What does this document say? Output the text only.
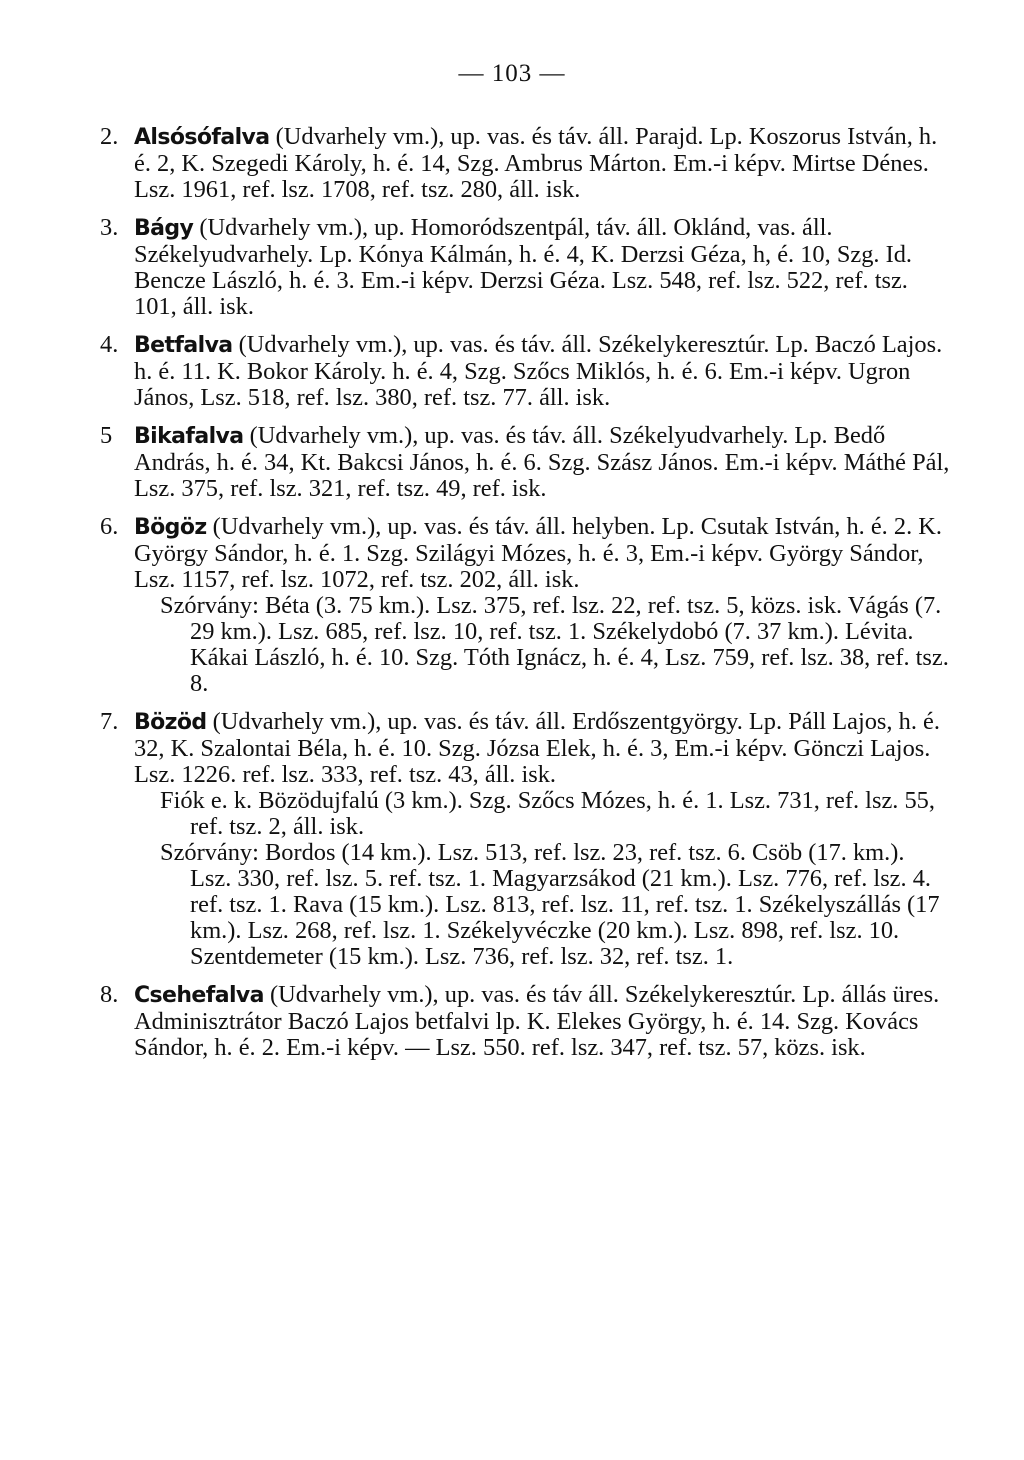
— 103 —
2. Alsósófalva (Udvarhely vm.), up. vas. és táv. áll. Parajd. Lp. Koszorus István, h. é. 2, K. Szegedi Károly, h. é. 14, Szg. Ambrus Márton. Em.-i képv. Mirtse Dénes. Lsz. 1961, ref. lsz. 1708, ref. tsz. 280, áll. isk.
3. Bágy (Udvarhely vm.), up. Homoródszentpál, táv. áll. Oklánd, vas. áll. Székelyudvarhely. Lp. Kónya Kálmán, h. é. 4, K. Derzsi Géza, h, é. 10, Szg. Id. Bencze László, h. é. 3. Em.-i képv. Derzsi Géza. Lsz. 548, ref. lsz. 522, ref. tsz. 101, áll. isk.
4. Betfalva (Udvarhely vm.), up. vas. és táv. áll. Székelykeresztúr. Lp. Baczó Lajos. h. é. 11. K. Bokor Károly. h. é. 4, Szg. Szőcs Miklós, h. é. 6. Em.-i képv. Ugron János, Lsz. 518, ref. lsz. 380, ref. tsz. 77. áll. isk.
5 Bikafalva (Udvarhely vm.), up. vas. és táv. áll. Székelyudvarhely. Lp. Bedő András, h. é. 34, Kt. Bakcsi János, h. é. 6. Szg. Szász János. Em.-i képv. Máthé Pál, Lsz. 375, ref. lsz. 321, ref. tsz. 49, ref. isk.
6. Bögöz (Udvarhely vm.), up. vas. és táv. áll. helyben. Lp. Csutak István, h. é. 2. K. György Sándor, h. é. 1. Szg. Szilágyi Mózes, h. é. 3, Em.-i képv. György Sándor, Lsz. 1157, ref. lsz. 1072, ref. tsz. 202, áll. isk.
Szórvány: Béta (3. 75 km.). Lsz. 375, ref. lsz. 22, ref. tsz. 5, közs. isk. Vágás (7. 29 km.). Lsz. 685, ref. lsz. 10, ref. tsz. 1. Székelydobó (7. 37 km.). Lévita. Kákai László, h. é. 10. Szg. Tóth Ignácz, h. é. 4, Lsz. 759, ref. lsz. 38, ref. tsz. 8.
7. Bözöd (Udvarhely vm.), up. vas. és táv. áll. Erdőszentgyörgy. Lp. Páll Lajos, h. é. 32, K. Szalontai Béla, h. é. 10. Szg. Józsa Elek, h. é. 3, Em.-i képv. Gönczi Lajos. Lsz. 1226. ref. lsz. 333, ref. tsz. 43, áll. isk.
Fiók e. k. Bözödujfalú (3 km.). Szg. Szőcs Mózes, h. é. 1. Lsz. 731, ref. lsz. 55, ref. tsz. 2, áll. isk.
Szórvány: Bordos (14 km.). Lsz. 513, ref. lsz. 23, ref. tsz. 6. Csöb (17. km.). Lsz. 330, ref. lsz. 5. ref. tsz. 1. Magyarzsákod (21 km.). Lsz. 776, ref. lsz. 4. ref. tsz. 1. Rava (15 km.). Lsz. 813, ref. lsz. 11, ref. tsz. 1. Székelyszállás (17 km.). Lsz. 268, ref. lsz. 1. Székelyvéczke (20 km.). Lsz. 898, ref. lsz. 10. Szentdemeter (15 km.). Lsz. 736, ref. lsz. 32, ref. tsz. 1.
8. Csehefalva (Udvarhely vm.), up. vas. és táv áll. Székelykeresztúr. Lp. állás üres. Adminisztrátor Baczó Lajos betfalvi lp. K. Elekes György, h. é. 14. Szg. Kovács Sándor, h. é. 2. Em.-i képv. — Lsz. 550. ref. lsz. 347, ref. tsz. 57, közs. isk.
